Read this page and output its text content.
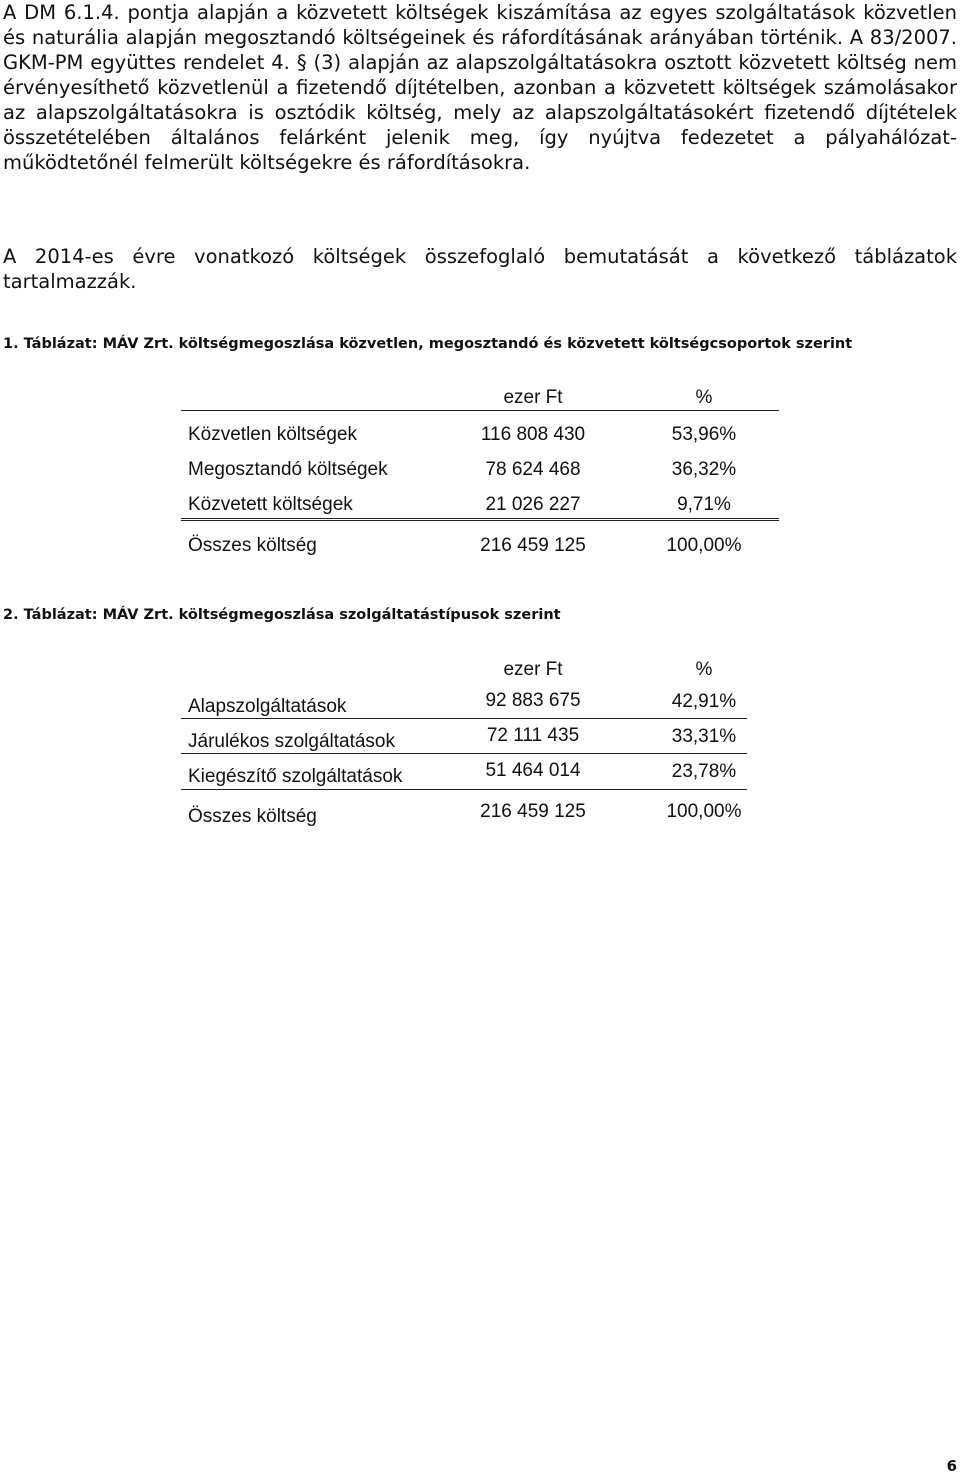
A DM 6.1.4. pontja alapján a közvetett költségek kiszámítása az egyes szolgáltatások közvetlen és naturália alapján megosztandó költségeinek és ráfordításának arányában történik. A 83/2007. GKM-PM együttes rendelet 4. § (3) alapján az alapszolgáltatásokra osztott közvetett költség nem érvényesíthető közvetlenül a fizetendő díjtételben, azonban a közvetett költségek számolásakor az alapszolgáltatásokra is osztódik költség, mely az alapszolgáltatásokért fizetendő díjtételek összetételében általános felárként jelenik meg, így nyújtva fedezetet a pályahálózat-működtetőnél felmerült költségekre és ráfordításokra.

A 2014-es évre vonatkozó költségek összefoglaló bemutatását a következő táblázatok tartalmazzák.

1. Táblázat: MÁV Zrt. költségmegoszlása közvetlen, megosztandó és közvetett költségcsoportok szerint

ezer Ft	%

Közvetlen költségek	116 808 430	53,96%

Megosztandó költségek	78 624 468	36,32%

Közvetett költségek	21 026 227	9,71%

Összes költség	216 459 125	100,00%

2. Táblázat: MÁV Zrt. költségmegoszlása szolgáltatástípusok szerint

ezer Ft	%

Alapszolgáltatások	92 883 675	42,91%

Járulékos szolgáltatások	72 111 435	33,31%

Kiegészítő szolgáltatások	51 464 014	23,78%

Összes költség	216 459 125	100,00%

6
